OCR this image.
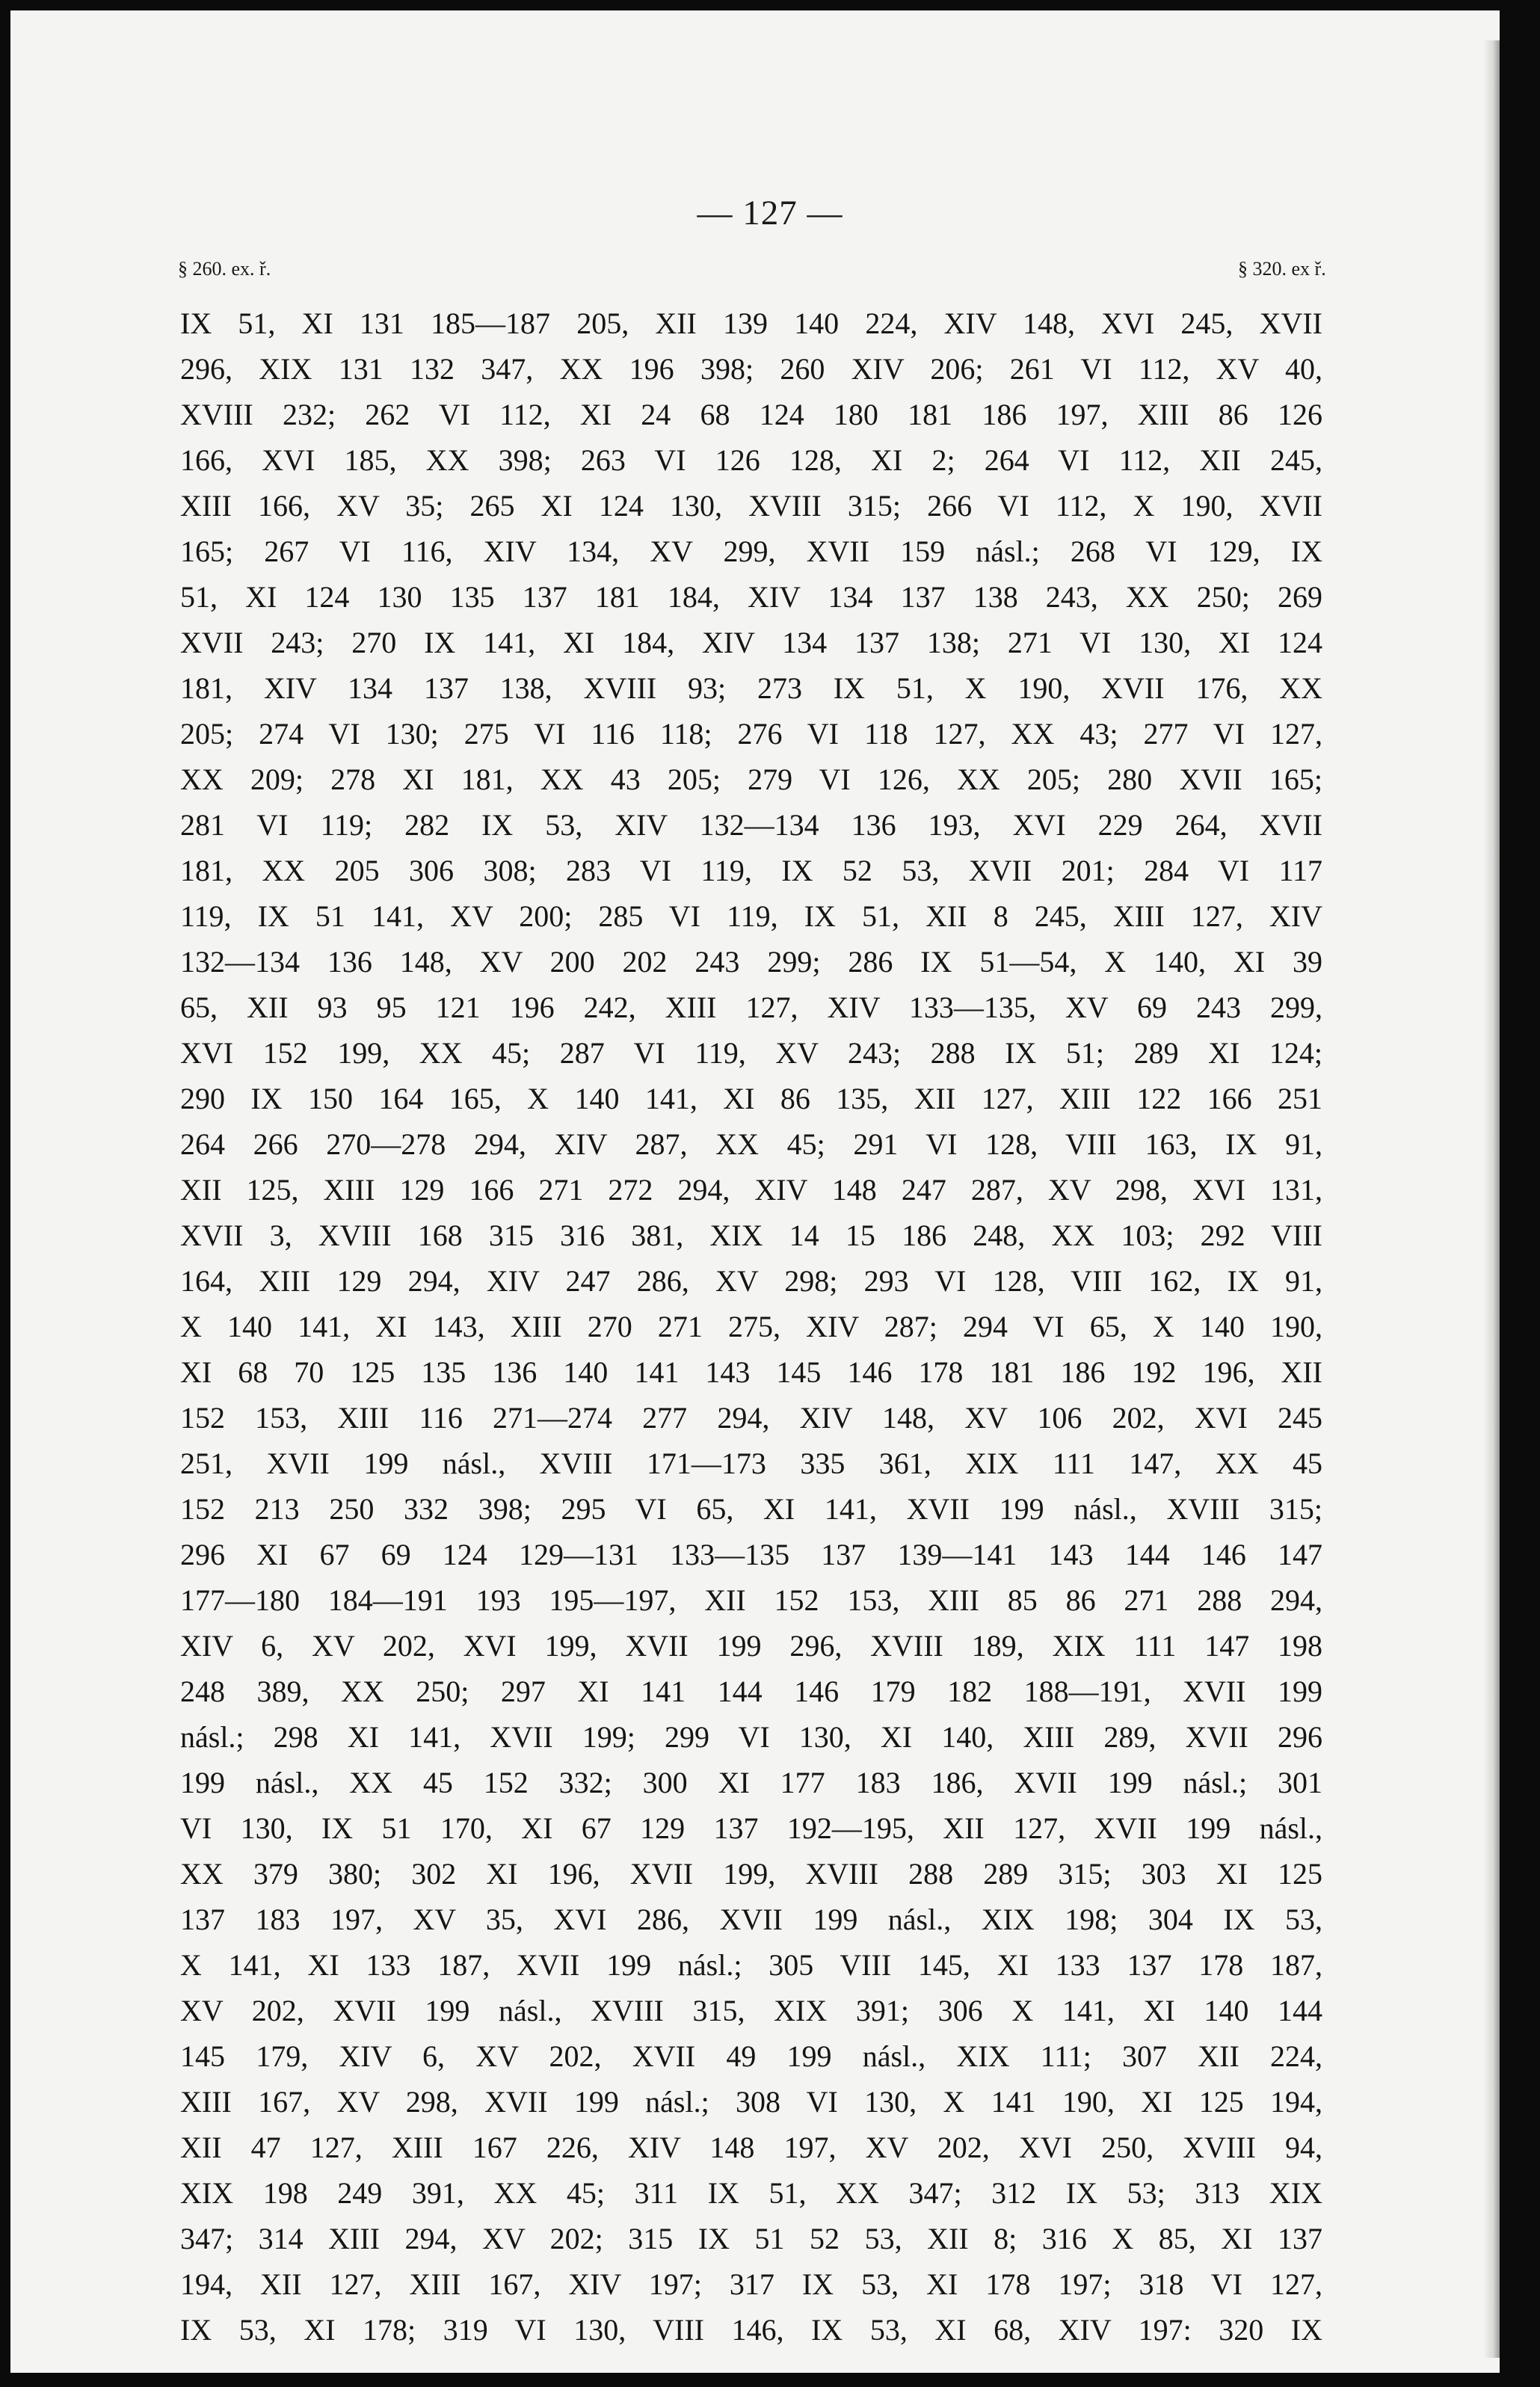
— 127 —
§ 260. ex. ř.	§ 320. ex ř.
IX 51, XI 131 185—187 205, XII 139 140 224, XIV 148, XVI 245, XVII
296, XIX 131 132 347, XX 196 398; 260 XIV 206; 261 VI 112, XV 40,
XVIII 232; 262 VI 112, XI 24 68 124 180 181 186 197, XIII 86 126
166, XVI 185, XX 398; 263 VI 126 128, XI 2; 264 VI 112, XII 245,
XIII 166, XV 35; 265 XI 124 130, XVIII 315; 266 VI 112, X 190, XVII
165; 267 VI 116, XIV 134, XV 299, XVII 159 násl.; 268 VI 129, IX
51, XI 124 130 135 137 181 184, XIV 134 137 138 243, XX 250; 269
XVII 243; 270 IX 141, XI 184, XIV 134 137 138; 271 VI 130, XI 124
181, XIV 134 137 138, XVIII 93; 273 IX 51, X 190, XVII 176, XX
205; 274 VI 130; 275 VI 116 118; 276 VI 118 127, XX 43; 277 VI 127,
XX 209; 278 XI 181, XX 43 205; 279 VI 126, XX 205; 280 XVII 165;
281 VI 119; 282 IX 53, XIV 132—134 136 193, XVI 229 264, XVII
181, XX 205 306 308; 283 VI 119, IX 52 53, XVII 201; 284 VI 117
119, IX 51 141, XV 200; 285 VI 119, IX 51, XII 8 245, XIII 127, XIV
132—134 136 148, XV 200 202 243 299; 286 IX 51—54, X 140, XI 39
65, XII 93 95 121 196 242, XIII 127, XIV 133—135, XV 69 243 299,
XVI 152 199, XX 45; 287 VI 119, XV 243; 288 IX 51; 289 XI 124;
290 IX 150 164 165, X 140 141, XI 86 135, XII 127, XIII 122 166 251
264 266 270—278 294, XIV 287, XX 45; 291 VI 128, VIII 163, IX 91,
XII 125, XIII 129 166 271 272 294, XIV 148 247 287, XV 298, XVI 131,
XVII 3, XVIII 168 315 316 381, XIX 14 15 186 248, XX 103; 292 VIII
164, XIII 129 294, XIV 247 286, XV 298; 293 VI 128, VIII 162, IX 91,
X 140 141, XI 143, XIII 270 271 275, XIV 287; 294 VI 65, X 140 190,
XI 68 70 125 135 136 140 141 143 145 146 178 181 186 192 196, XII
152 153, XIII 116 271—274 277 294, XIV 148, XV 106 202, XVI 245
251, XVII 199 násl., XVIII 171—173 335 361, XIX 111 147, XX 45
152 213 250 332 398; 295 VI 65, XI 141, XVII 199 násl., XVIII 315;
296 XI 67 69 124 129—131 133—135 137 139—141 143 144 146 147
177—180 184—191 193 195—197, XII 152 153, XIII 85 86 271 288 294,
XIV 6, XV 202, XVI 199, XVII 199 296, XVIII 189, XIX 111 147 198
248 389, XX 250; 297 XI 141 144 146 179 182 188—191, XVII 199
násl.; 298 XI 141, XVII 199; 299 VI 130, XI 140, XIII 289, XVII 296
199 násl., XX 45 152 332; 300 XI 177 183 186, XVII 199 násl.; 301
VI 130, IX 51 170, XI 67 129 137 192—195, XII 127, XVII 199 násl.,
XX 379 380; 302 XI 196, XVII 199, XVIII 288 289 315; 303 XI 125
137 183 197, XV 35, XVI 286, XVII 199 násl., XIX 198; 304 IX 53,
X 141, XI 133 187, XVII 199 násl.; 305 VIII 145, XI 133 137 178 187,
XV 202, XVII 199 násl., XVIII 315, XIX 391; 306 X 141, XI 140 144
145 179, XIV 6, XV 202, XVII 49 199 násl., XIX 111; 307 XII 224,
XIII 167, XV 298, XVII 199 násl.; 308 VI 130, X 141 190, XI 125 194,
XII 47 127, XIII 167 226, XIV 148 197, XV 202, XVI 250, XVIII 94,
XIX 198 249 391, XX 45; 311 IX 51, XX 347; 312 IX 53; 313 XIX
347; 314 XIII 294, XV 202; 315 IX 51 52 53, XII 8; 316 X 85, XI 137
194, XII 127, XIII 167, XIV 197; 317 IX 53, XI 178 197; 318 VI 127,
IX 53, XI 178; 319 VI 130, VIII 146, IX 53, XI 68, XIV 197: 320 IX
